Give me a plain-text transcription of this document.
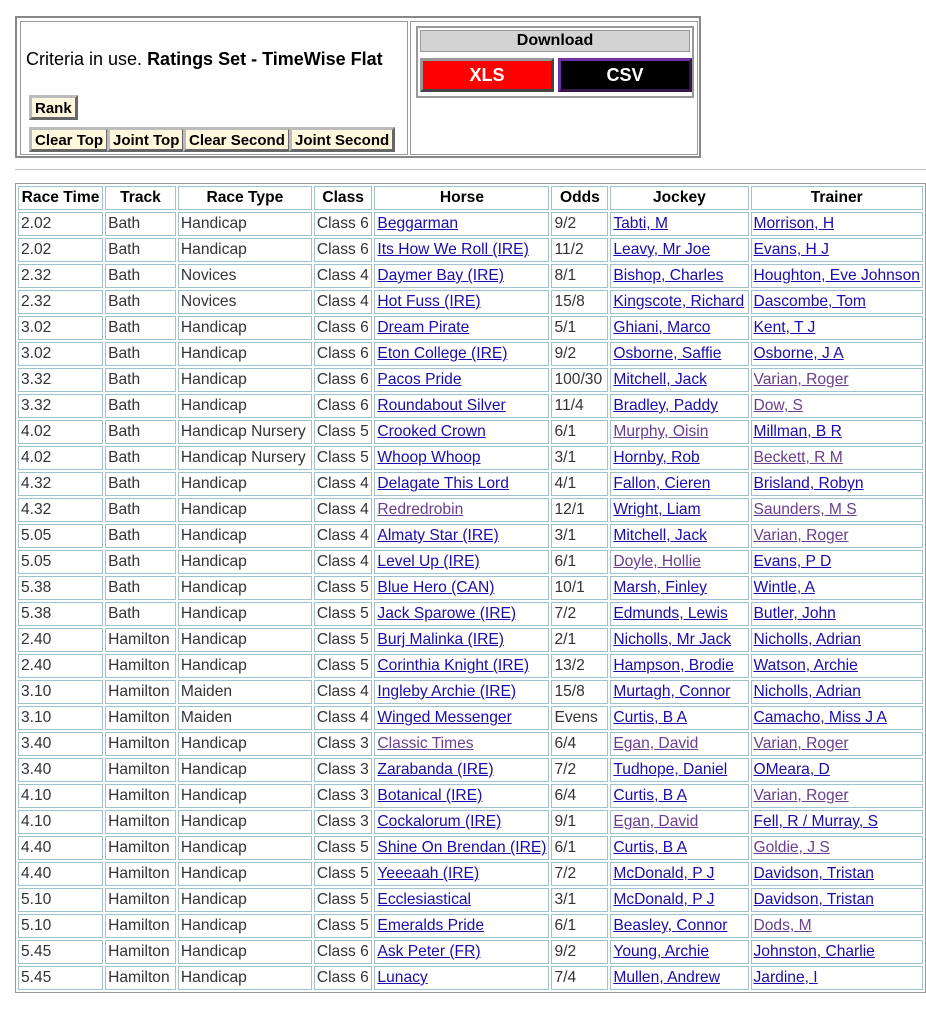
Criteria in use. Ratings Set - TimeWise Flat
Rank
Clear Top Joint Top Clear Second Joint Second
Download
XLS	CSV
Race Time	Track	Race Type	Class	Horse	Odds	Jockey	Trainer
2.02	Bath	Handicap	Class 6	Beggarman	9/2	Tabti, M	Morrison, H
2.02	Bath	Handicap	Class 6	Its How We Roll (IRE)	11/2	Leavy, Mr Joe	Evans, H J
2.32	Bath	Novices	Class 4	Daymer Bay (IRE)	8/1	Bishop, Charles	Houghton, Eve Johnson
2.32	Bath	Novices	Class 4	Hot Fuss (IRE)	15/8	Kingscote, Richard	Dascombe, Tom
3.02	Bath	Handicap	Class 6	Dream Pirate	5/1	Ghiani, Marco	Kent, T J
3.02	Bath	Handicap	Class 6	Eton College (IRE)	9/2	Osborne, Saffie	Osborne, J A
3.32	Bath	Handicap	Class 6	Pacos Pride	100/30	Mitchell, Jack	Varian, Roger
3.32	Bath	Handicap	Class 6	Roundabout Silver	11/4	Bradley, Paddy	Dow, S
4.02	Bath	Handicap Nursery	Class 5	Crooked Crown	6/1	Murphy, Oisin	Millman, B R
4.02	Bath	Handicap Nursery	Class 5	Whoop Whoop	3/1	Hornby, Rob	Beckett, R M
4.32	Bath	Handicap	Class 4	Delagate This Lord	4/1	Fallon, Cieren	Brisland, Robyn
4.32	Bath	Handicap	Class 4	Redredrobin	12/1	Wright, Liam	Saunders, M S
5.05	Bath	Handicap	Class 4	Almaty Star (IRE)	3/1	Mitchell, Jack	Varian, Roger
5.05	Bath	Handicap	Class 4	Level Up (IRE)	6/1	Doyle, Hollie	Evans, P D
5.38	Bath	Handicap	Class 5	Blue Hero (CAN)	10/1	Marsh, Finley	Wintle, A
5.38	Bath	Handicap	Class 5	Jack Sparowe (IRE)	7/2	Edmunds, Lewis	Butler, John
2.40	Hamilton	Handicap	Class 5	Burj Malinka (IRE)	2/1	Nicholls, Mr Jack	Nicholls, Adrian
2.40	Hamilton	Handicap	Class 5	Corinthia Knight (IRE)	13/2	Hampson, Brodie	Watson, Archie
3.10	Hamilton	Maiden	Class 4	Ingleby Archie (IRE)	15/8	Murtagh, Connor	Nicholls, Adrian
3.10	Hamilton	Maiden	Class 4	Winged Messenger	Evens	Curtis, B A	Camacho, Miss J A
3.40	Hamilton	Handicap	Class 3	Classic Times	6/4	Egan, David	Varian, Roger
3.40	Hamilton	Handicap	Class 3	Zarabanda (IRE)	7/2	Tudhope, Daniel	OMeara, D
4.10	Hamilton	Handicap	Class 3	Botanical (IRE)	6/4	Curtis, B A	Varian, Roger
4.10	Hamilton	Handicap	Class 3	Cockalorum (IRE)	9/1	Egan, David	Fell, R / Murray, S
4.40	Hamilton	Handicap	Class 5	Shine On Brendan (IRE)	6/1	Curtis, B A	Goldie, J S
4.40	Hamilton	Handicap	Class 5	Yeeeaah (IRE)	7/2	McDonald, P J	Davidson, Tristan
5.10	Hamilton	Handicap	Class 5	Ecclesiastical	3/1	McDonald, P J	Davidson, Tristan
5.10	Hamilton	Handicap	Class 5	Emeralds Pride	6/1	Beasley, Connor	Dods, M
5.45	Hamilton	Handicap	Class 6	Ask Peter (FR)	9/2	Young, Archie	Johnston, Charlie
5.45	Hamilton	Handicap	Class 6	Lunacy	7/4	Mullen, Andrew	Jardine, I
